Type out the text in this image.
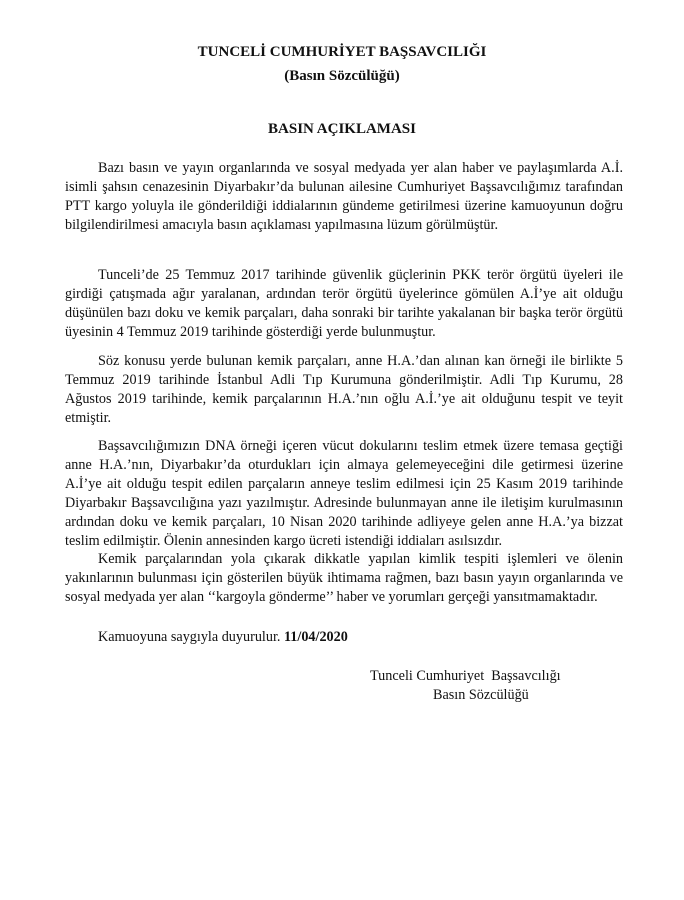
TUNCELİ CUMHURİYET BAŞSAVCILIĞI
(Basın Sözcülüğü)
BASIN AÇIKLAMASI

Bazı basın ve yayın organlarında ve sosyal medyada yer alan haber ve paylaşımlarda A.İ. isimli şahsın cenazesinin Diyarbakır’da bulunan ailesine Cumhuriyet Başsavcılığımız tarafından PTT kargo yoluyla ile gönderildiği iddialarının gündeme getirilmesi üzerine kamuoyunun doğru bilgilendirilmesi amacıyla basın açıklaması yapılmasına lüzum görülmüştür.

Tunceli’de 25 Temmuz 2017 tarihinde güvenlik güçlerinin PKK terör örgütü üyeleri ile girdiği çatışmada ağır yaralanan, ardından terör örgütü üyelerince gömülen A.İ’ye ait olduğu düşünülen bazı doku ve kemik parçaları, daha sonraki bir tarihte yakalanan bir başka terör örgütü üyesinin 4 Temmuz 2019 tarihinde gösterdiği yerde bulunmuştur.

Söz konusu yerde bulunan kemik parçaları, anne H.A.’dan alınan kan örneği ile birlikte 5 Temmuz 2019 tarihinde İstanbul Adli Tıp Kurumuna gönderilmiştir. Adli Tıp Kurumu, 28 Ağustos 2019 tarihinde, kemik parçalarının H.A.’nın oğlu A.İ.’ye ait olduğunu tespit ve teyit etmiştir.

Başsavcılığımızın DNA örneği içeren vücut dokularını teslim etmek üzere temasa geçtiği anne H.A.’nın, Diyarbakır’da oturdukları için almaya gelemeyeceğini dile getirmesi üzerine A.İ’ye ait olduğu tespit edilen parçaların anneye teslim edilmesi için 25 Kasım 2019 tarihinde Diyarbakır Başsavcılığına yazı yazılmıştır. Adresinde bulunmayan anne ile iletişim kurulmasının ardından doku ve kemik parçaları, 10 Nisan 2020 tarihinde adliyeye gelen anne H.A.’ya bizzat teslim edilmiştir. Ölenin annesinden kargo ücreti istendiği iddiaları asılsızdır.

Kemik parçalarından yola çıkarak dikkatle yapılan kimlik tespiti işlemleri ve ölenin yakınlarının bulunması için gösterilen büyük ihtimama rağmen, bazı basın yayın organlarında ve sosyal medyada yer alan ‘‘kargoyla gönderme’’ haber ve yorumları gerçeği yansıtmamaktadır.

Kamuoyuna saygıyla duyurulur. 11/04/2020
Tunceli Cumhuriyet  Başsavcılığı
Basın Sözcülüğü
